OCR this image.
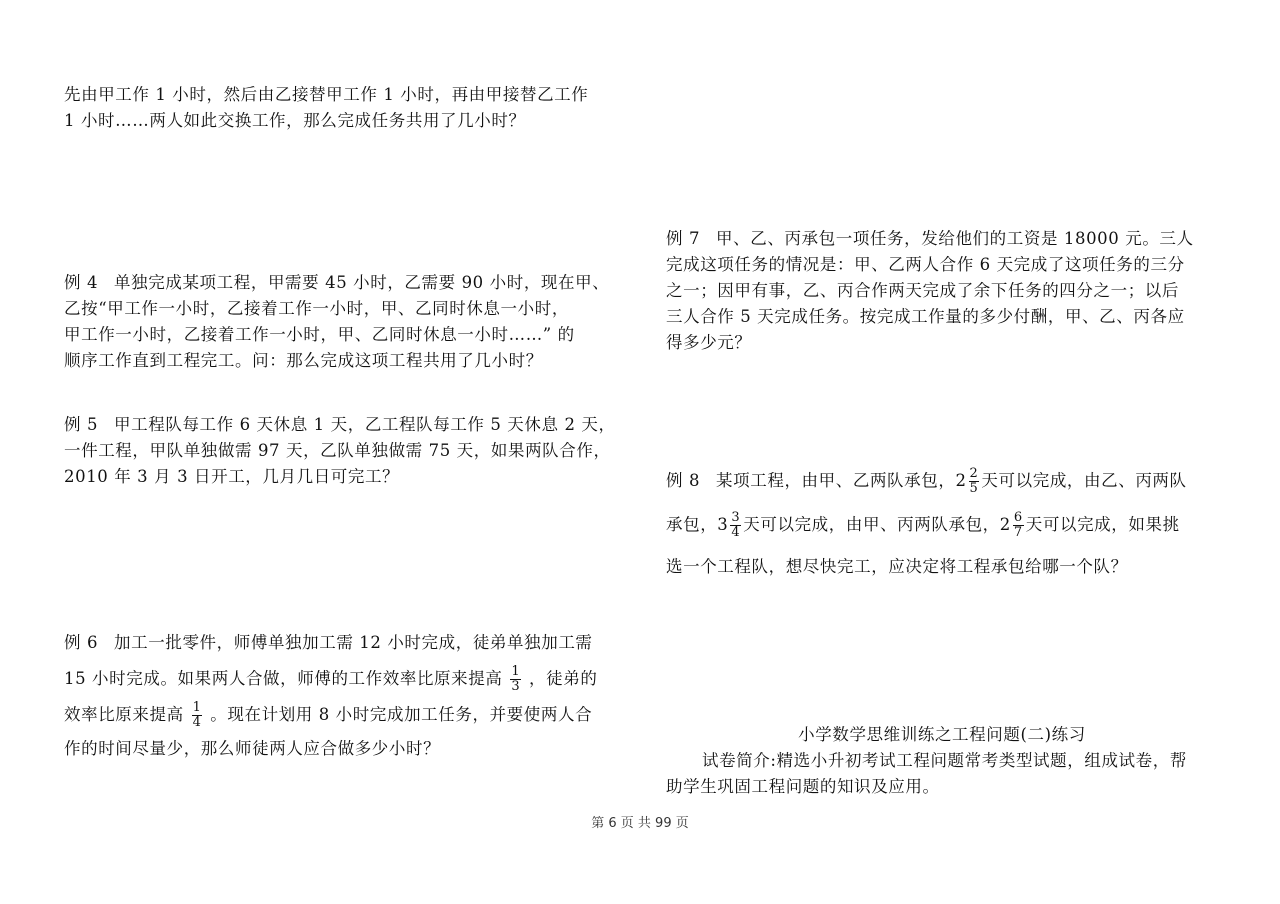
先由甲工作 1 小时，然后由乙接替甲工作 1 小时，再由甲接替乙工作
1 小时……两人如此交换工作，那么完成任务共用了几小时？
例 4 单独完成某项工程，甲需要 45 小时，乙需要 90 小时，现在甲、
乙按“甲工作一小时，乙接着工作一小时，甲、乙同时休息一小时，
甲工作一小时，乙接着工作一小时，甲、乙同时休息一小时……” 的
顺序工作直到工程完工。问：那么完成这项工程共用了几小时？
例 5 甲工程队每工作 6 天休息 1 天，乙工程队每工作 5 天休息 2 天，
一件工程，甲队单独做需 97 天，乙队单独做需 75 天，如果两队合作，
2010 年 3 月 3 日开工，几月几日可完工？
例 6 加工一批零件，师傅单独加工需 12 小时完成，徒弟单独加工需
15 小时完成。如果两人合做，师傅的工作效率比原来提高 $\frac{1}{3}$ ，徒弟的
效率比原来提高 $\frac{1}{4}$ 。现在计划用 8 小时完成加工任务，并要使两人合
作的时间尽量少，那么师徒两人应合做多少小时？
例 7 甲、乙、丙承包一项任务，发给他们的工资是 18000 元。三人
完成这项任务的情况是：甲、乙两人合作 6 天完成了这项任务的三分
之一；因甲有事，乙、丙合作两天完成了余下任务的四分之一；以后
三人合作 5 天完成任务。按完成工作量的多少付酬，甲、乙、丙各应
得多少元？
例 8 某项工程，由甲、乙两队承包，$2 \frac{2}{5}$ 天可以完成，由乙、丙两队
承包，$3 \frac{3}{4}$ 天可以完成，由甲、丙两队承包，$2 \frac{6}{7}$ 天可以完成，如果挑
选一个工程队，想尽快完工，应决定将工程承包给哪一个队？
小学数学思维训练之工程问题(二)练习
试卷简介:精选小升初考试工程问题常考类型试题，组成试卷，帮
助学生巩固工程问题的知识及应用。
第 6 页 共 99 页
